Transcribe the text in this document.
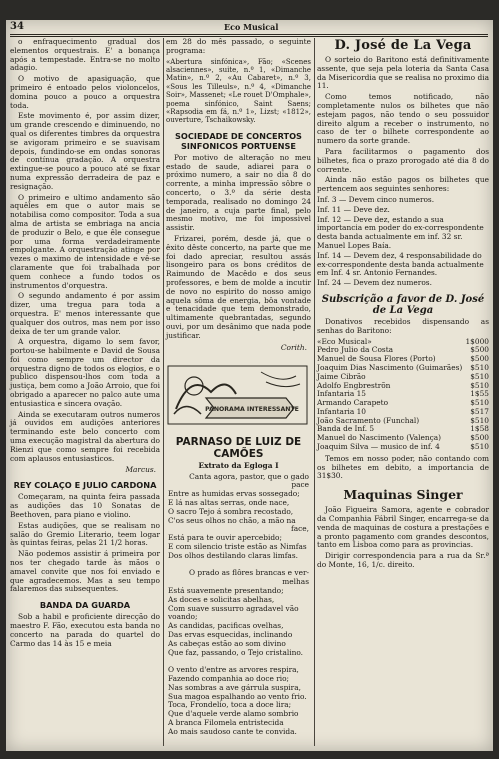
34	Eco Musical

o enfraquecimento gradual dos elementos orquestrais. E' a bonança após a tempestade. Entra-se no molto adagio.

O motivo de apasiguação, que primeiro é entoado pelos violoncelos, domina pouco a pouco a orquestra toda.

Este movimento é, por assim dizer, um grande crescendo e diminuendo, no qual os diferentes timbres da orquestra se avigoram primeiro e se suavisam depois, fundindo-se em ondas sonoras de contínua gradação. A orquestra extingue-se pouco a pouco até se fixar numa expressão derradeira de paz e resignação.

O primeiro e ultimo andamento são aquêles em que o autor mais se notabilisa como compositor. Toda a sua alma de artista se embriaga na ancia de produzir o Belo, e que êle consegue por uma forma verdadeiramente empolgante. A orquestração atinge por vezes o maximo de intensidade e vê-se claramente que foi trabalhada por quem conhece a fundo todos os instrumentos d'orquestra.

O segundo andamento é por assim dizer, uma tregua para toda a orquestra. E' menos interessante que qualquer dos outros, mas nem por isso deixa de ter um grande valor.

A orquestra, digamo lo sem favor, portou-se habilmente e David de Sousa foi como sempre um director da orquestra digno de todos os elogios, e o publico dispensou-lhos com toda a justiça, bem como a João Arroio, que foi obrigado a aparecer no palco aute uma entusiastica e sincera ovação.

Ainda se executaram outros numeros já ouvidos em audições anteriores terminando este belo concerto com uma execução magistral da abertura do Rienzi que como sempre foi recebida com aplausos entusiasticos.

Marcus.
REY COLAÇO E JULIO CARDONA

Começaram, na quinta feira passada as audições das 10 Sonatas de Beethoven, para piano e violino.

Estas audições, que se realisam no salão do Gremio Literario, teem logar às quintas feiras, pelas 21 1/2 horas.

Não podemos assistir á primeira por nos ter chegado tarde às mãos o amavel convite que nos foi enviado e que agradecemos. Mas a seu tempo falaremos das subsequentes.

BANDA DA GUARDA

Sob a habil e proficiente direcção do maestro F. Fão, executou esta banda no concerto na parada do quartel do Carmo das 14 às 15 e meia

em 28 do mês passado, o seguinte programa:

«Abertura sinfónica», Fão; «Scenes alsaciennes», suite, n.º 1, «Dimanche Matin», n.º 2, «Au Cabaret», n.º 3, «Sous les Tilleuls», n.º 4, «Dimanche Soir», Massenet; «Le rouet D'Omphale», poema sinfónico, Saint Saens; «Rapsodia em fá, n.º 1», Lizst; «1812», ouverture, Tschaikowsky.
SOCIEDADE DE CONCERTOS SINFONICOS PORTUENSE

Por motivo de alteração no meu estado de saude, adiarei para o próximo numero, a sair no dia 8 do corrente, a minha impressão sôbre o concerto, o 3.º da série desta temporada, realisado no domingo 24 de janeiro, a cuja parte final, pelo mesmo motivo, me foi impossivel assistir.

Frizarei, porém, desde já, que o êxito dêste concerto, na parte que me foi dado apreciar, resultou assás lisongeiro para os bons créditos de Raimundo de Macêdo e dos seus professores, e bem de molde a incutir de novo no espirito do nosso amigo aquela sôma de energia, bôa vontade e tenacidade que tem demonstrado, ultimamente quebrantadas, segundo ouvi, por um desânimo que nada pode justificar.

Corith.
PANORAMA INTERESSANTE
PARNASO DE LUIZ DE CAMÕES
Extrato da Egloga I
Canta agora, pastor, que o gado
pace
Entre as humidas ervas sossegado;
E lá nas altas serras, onde nace,
O sacro Tejo á sombra recostado,
C'os seus olhos no chão, a mão na
face,
Está para te ouvir apercebido;
E com silencio triste estão as Nimfas
Dos olhos destilando claras limfas.

O prado as flôres brancas e ver-
melhas
Está suavemente presentando;
As doces e solicitas abelhas,
Com suave sussurro agradavel vão voando;
As candidas, pacificas ovelhas,
Das ervas esquecidas, inclinando
As cabeças estão ao som divino
Que faz, passando, o Tejo cristalino.

O vento d'entre as arvores respira,
Fazendo companhia ao doce rio;
Nas sombras a ave gárrula suspira,
Sua magoa espalhando ao vento frio.
Toca, Frondelio, toca a doce lira;
Que d'aquele verde alamo sombrio
A branca Filomela entristecida
Ao mais saudoso cante te convida.
D. José de La Vega

O sorteio do Baritono está definitivamente assente, que seja pela loteria da Santa Casa da Misericordia que se realisa no proximo dia 11.

Como temos notificado, não completamente nulos os bilhetes que não estejam pagos, não tendo o seu possuidor direito algum a receber o instrumento, no caso de ter o bilhete correspondente ao numero da sorte grande.

Para facilitarmos o pagamento dos bilhetes, fica o prazo prorogado até dia 8 do corrente.

Ainda não estão pagos os bilhetes que pertencem aos seguintes senhores:

Inf. 3 — Devem cinco numeros.
Inf. 11 — Deve dez.
Inf. 12 — Deve dez, estando a sua importancia em poder do ex-correspondente desta banda actualmente em inf. 32 sr. Manuel Lopes Baía.
Inf. 14 — Devem dez, 4 responsabilidade do ex-correspondente desta banda actualmente em Inf. 4 sr. Antonio Fernandes.
Inf. 24 — Devem dez numeros.
Subscrição a favor de D. José de La Vega

Donativos recebidos dispensando as senhas do Baritono:

«Eco Musical»	1$000
Pedro Julio da Costa	$500
Manuel de Sousa Flores (Porto)	$500
Joaquim Dias Nascimento (Guimarães) $510
Jaime Cibrão	$510
Adolfo Engbrestrõn	$510
Infantaria 15	1$55
Armando Carapeto	$510
Infantaria 10	$517
João Sacramento (Funchal)	$510
Banda de Inf. 5	1$58
Manuel do Nascimento (Valença)	$500
Joaquim Silva — musico de inf. 4	$510

Temos em nosso poder, não contando com os bilhetes em debito, a importancia de 31$30.

Maquinas Singer

João Figueira Samora, agente e cobrador da Companhia Fábril Singer, encarrega-se da venda de maquinas de costura a prestações e a pronto pagamento com grandes descontos, tanto em Lisboa como para as provincias.

Dirigir correspondencia para a rua da Sr.ª do Monte, 16, 1/c. direito.
